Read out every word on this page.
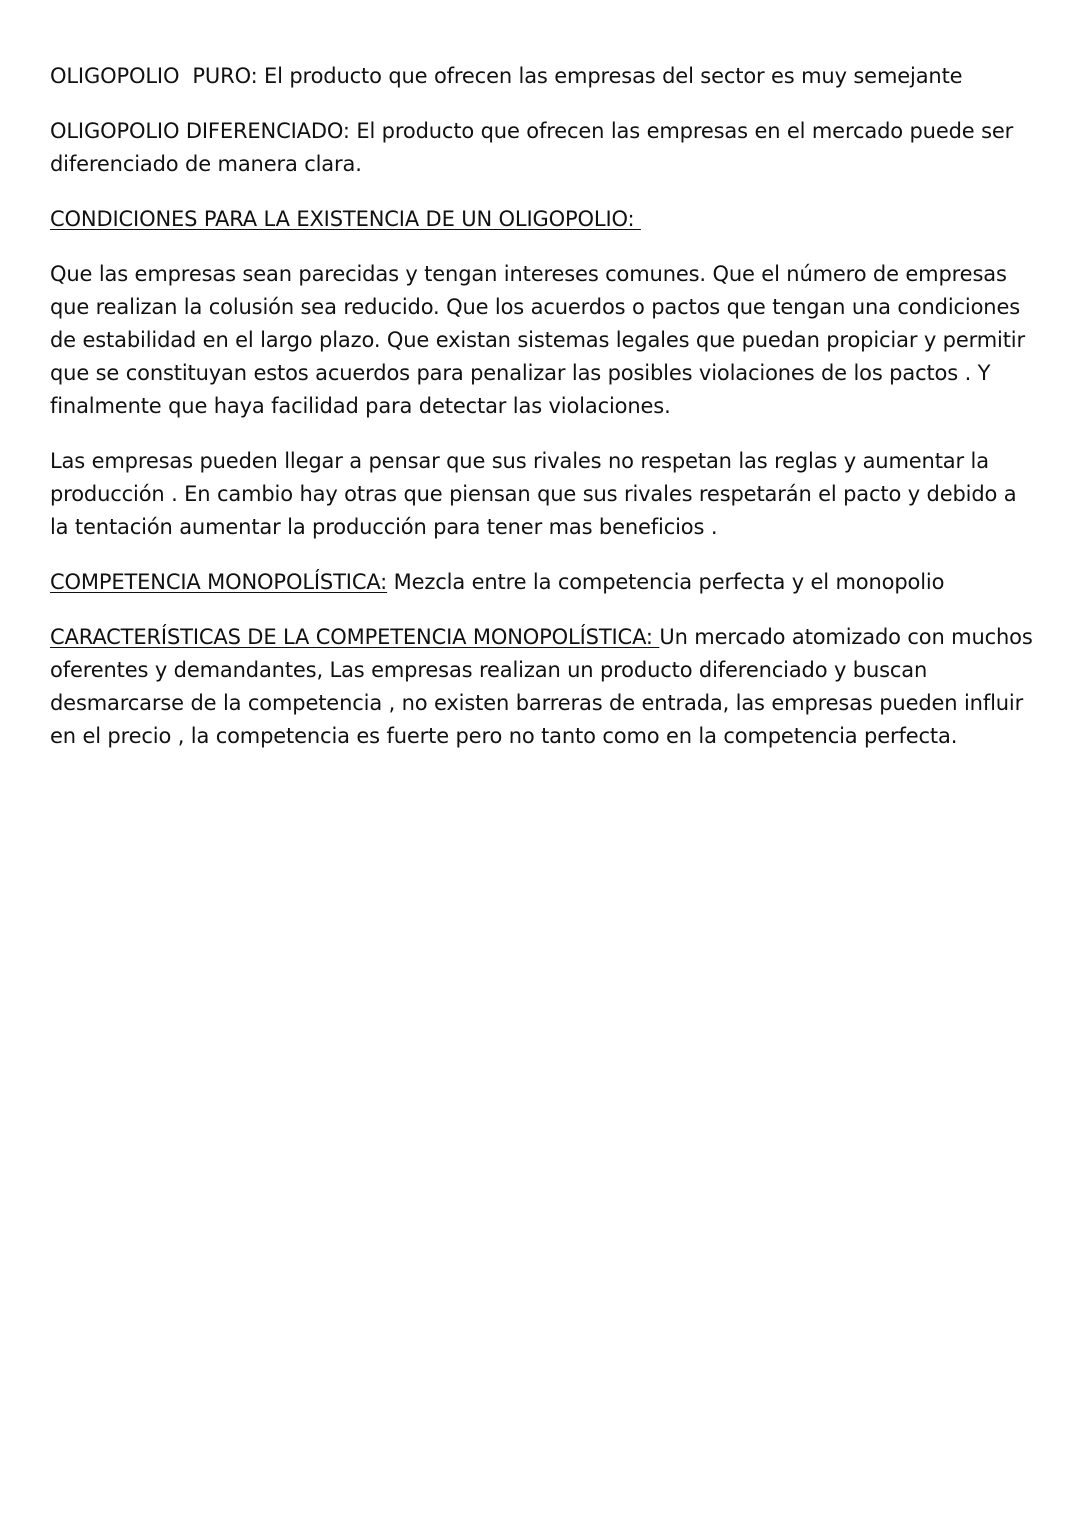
OLIGOPOLIO  PURO: El producto que ofrecen las empresas del sector es muy semejante

OLIGOPOLIO DIFERENCIADO: El producto que ofrecen las empresas en el mercado puede ser diferenciado de manera clara.

CONDICIONES PARA LA EXISTENCIA DE UN OLIGOPOLIO:

Que las empresas sean parecidas y tengan intereses comunes. Que el número de empresas que realizan la colusión sea reducido. Que los acuerdos o pactos que tengan una condiciones de estabilidad en el largo plazo. Que existan sistemas legales que puedan propiciar y permitir que se constituyan estos acuerdos para penalizar las posibles violaciones de los pactos . Y finalmente que haya facilidad para detectar las violaciones.

Las empresas pueden llegar a pensar que sus rivales no respetan las reglas y aumentar la producción . En cambio hay otras que piensan que sus rivales respetarán el pacto y debido a la tentación aumentar la producción para tener mas beneficios .

COMPETENCIA MONOPOLÍSTICA: Mezcla entre la competencia perfecta y el monopolio

CARACTERÍSTICAS DE LA COMPETENCIA MONOPOLÍSTICA: Un mercado atomizado con muchos oferentes y demandantes, Las empresas realizan un producto diferenciado y buscan desmarcarse de la competencia , no existen barreras de entrada, las empresas pueden influir en el precio , la competencia es fuerte pero no tanto como en la competencia perfecta.
